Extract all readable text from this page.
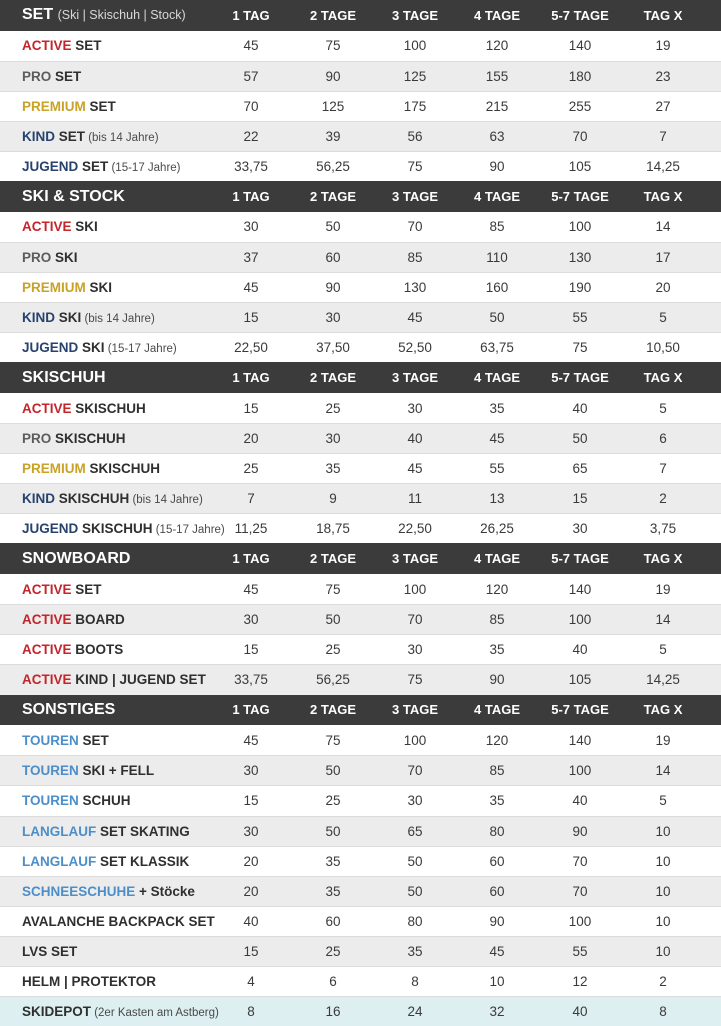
SET (Ski | Skischuh | Stock)	1 TAG	2 TAGE	3 TAGE	4 TAGE	5-7 TAGE	TAG X
ACTIVE SET	45	75	100	120	140	19
PRO SET	57	90	125	155	180	23
PREMIUM SET	70	125	175	215	255	27
KIND SET (bis 14 Jahre)	22	39	56	63	70	7
JUGEND SET (15-17 Jahre)	33,75	56,25	75	90	105	14,25
SKI & STOCK	1 TAG	2 TAGE	3 TAGE	4 TAGE	5-7 TAGE	TAG X
ACTIVE SKI	30	50	70	85	100	14
PRO SKI	37	60	85	110	130	17
PREMIUM SKI	45	90	130	160	190	20
KIND SKI (bis 14 Jahre)	15	30	45	50	55	5
JUGEND SKI (15-17 Jahre)	22,50	37,50	52,50	63,75	75	10,50
SKISCHUH	1 TAG	2 TAGE	3 TAGE	4 TAGE	5-7 TAGE	TAG X
ACTIVE SKISCHUH	15	25	30	35	40	5
PRO SKISCHUH	20	30	40	45	50	6
PREMIUM SKISCHUH	25	35	45	55	65	7
KIND SKISCHUH (bis 14 Jahre)	7	9	11	13	15	2
JUGEND SKISCHUH (15-17 Jahre) 11,25	18,75	22,50	26,25	30	3,75
SNOWBOARD	1 TAG	2 TAGE	3 TAGE	4 TAGE	5-7 TAGE	TAG X
ACTIVE SET	45	75	100	120	140	19
ACTIVE BOARD	30	50	70	85	100	14
ACTIVE BOOTS	15	25	30	35	40	5
ACTIVE KIND | JUGEND SET	33,75	56,25	75	90	105	14,25
SONSTIGES	1 TAG	2 TAGE	3 TAGE	4 TAGE	5-7 TAGE	TAG X
TOUREN SET	45	75	100	120	140	19
TOUREN SKI + FELL	30	50	70	85	100	14
TOUREN SCHUH	15	25	30	35	40	5
LANGLAUF SET SKATING	30	50	65	80	90	10
LANGLAUF SET KLASSIK	20	35	50	60	70	10
SCHNEESCHUHE + Stöcke	20	35	50	60	70	10
AVALANCHE BACKPACK SET	40	60	80	90	100	10
LVS SET	15	25	35	45	55	10
HELM | PROTEKTOR	4	6	8	10	12	2
SKIDEPOT (2er Kasten am Astberg)	8	16	24	32	40	8
